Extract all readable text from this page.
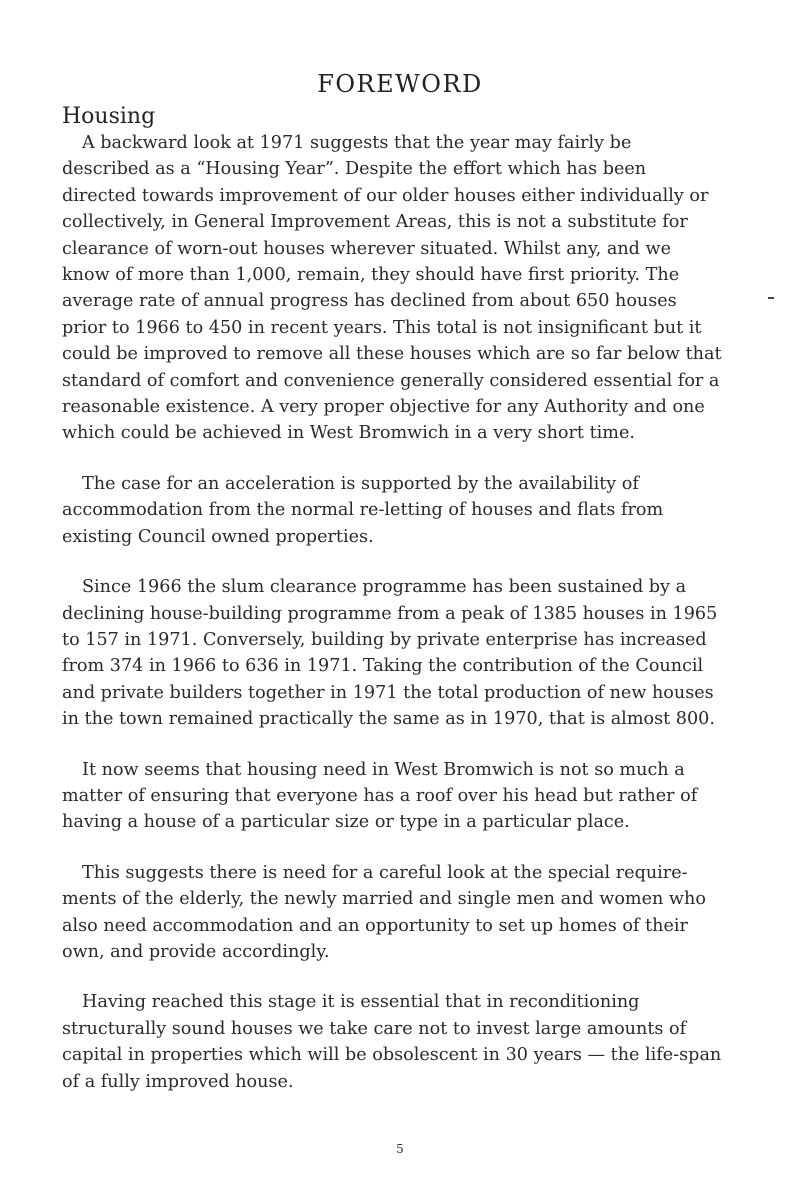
FOREWORD
Housing

A backward look at 1971 suggests that the year may fairly be described as a “Housing Year”. Despite the effort which has been directed towards improvement of our older houses either individually or collectively, in General Improvement Areas, this is not a substitute for clearance of worn-out houses wherever situated. Whilst any, and we know of more than 1,000, remain, they should have first priority. The average rate of annual progress has declined from about 650 houses prior to 1966 to 450 in recent years. This total is not insignificant but it could be improved to remove all these houses which are so far below that standard of comfort and convenience generally considered essential for a reasonable existence. A very proper objective for any Authority and one which could be achieved in West Bromwich in a very short time.

The case for an acceleration is supported by the availability of accommodation from the normal re-letting of houses and flats from existing Council owned properties.

Since 1966 the slum clearance programme has been sustained by a declining house-building programme from a peak of 1385 houses in 1965 to 157 in 1971. Conversely, building by private enterprise has increased from 374 in 1966 to 636 in 1971. Taking the contribution of the Council and private builders together in 1971 the total production of new houses in the town remained practically the same as in 1970, that is almost 800.

It now seems that housing need in West Bromwich is not so much a matter of ensuring that everyone has a roof over his head but rather of having a house of a particular size or type in a particular place.

This suggests there is need for a careful look at the special require- ments of the elderly, the newly married and single men and women who also need accommodation and an opportunity to set up homes of their own, and provide accordingly.

Having reached this stage it is essential that in reconditioning structurally sound houses we take care not to invest large amounts of capital in properties which will be obsolescent in 30 years — the life-span of a fully improved house.

5
